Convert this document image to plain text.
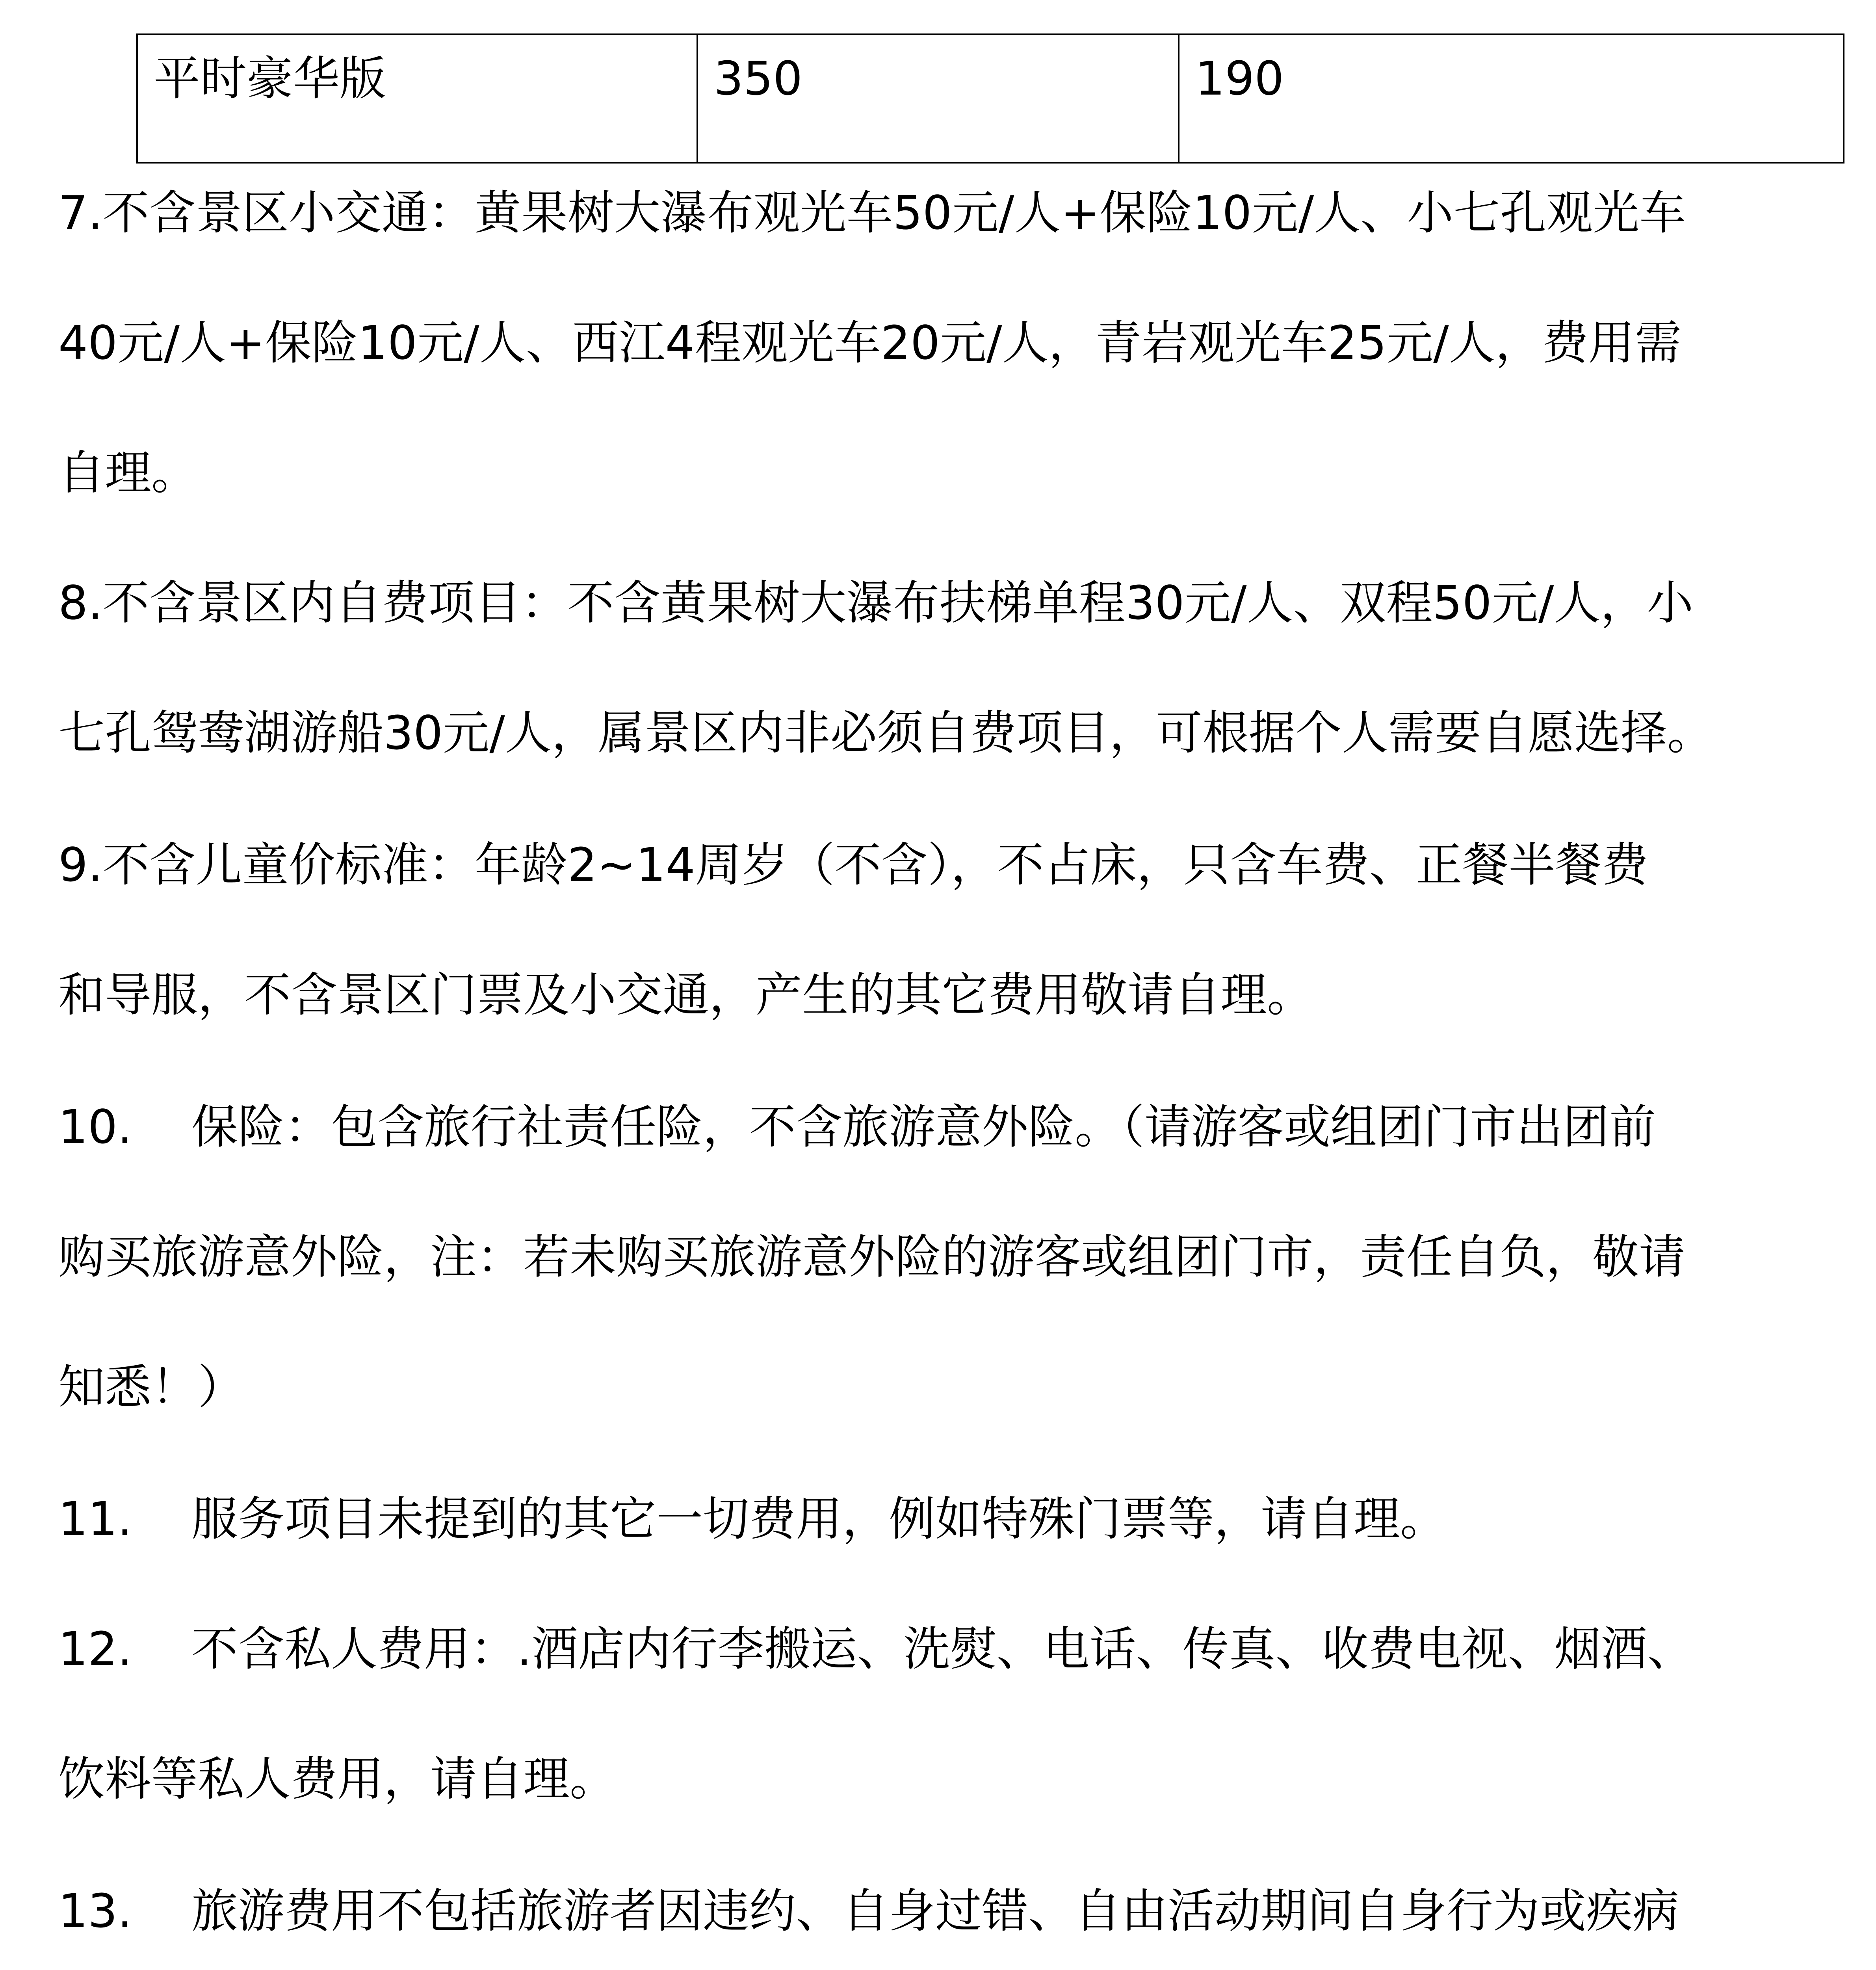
平时豪华版	350	190
7.不含景区小交通：黄果树大瀑布观光车50元/人+保险10元/人、小七孔观光车
40元/人+保险10元/人、西江4程观光车20元/人，青岩观光车25元/人，费用需
自理。
8.不含景区内自费项目：不含黄果树大瀑布扶梯单程30元/人、双程50元/人，小
七孔鸳鸯湖游船30元/人，属景区内非必须自费项目，可根据个人需要自愿选择。
9.不含儿童价标准：年龄2~14周岁（不含），不占床，只含车费、正餐半餐费
和导服，不含景区门票及小交通，产生的其它费用敬请自理。
10. 保险：包含旅行社责任险，不含旅游意外险。（请游客或组团门市出团前
购买旅游意外险，注：若未购买旅游意外险的游客或组团门市，责任自负，敬请
知悉！）
11. 服务项目未提到的其它一切费用，例如特殊门票等，请自理。
12. 不含私人费用：.酒店内行李搬运、洗熨、电话、传真、收费电视、烟酒、
饮料等私人费用，请自理。
13. 旅游费用不包括旅游者因违约、自身过错、自由活动期间自身行为或疾病
